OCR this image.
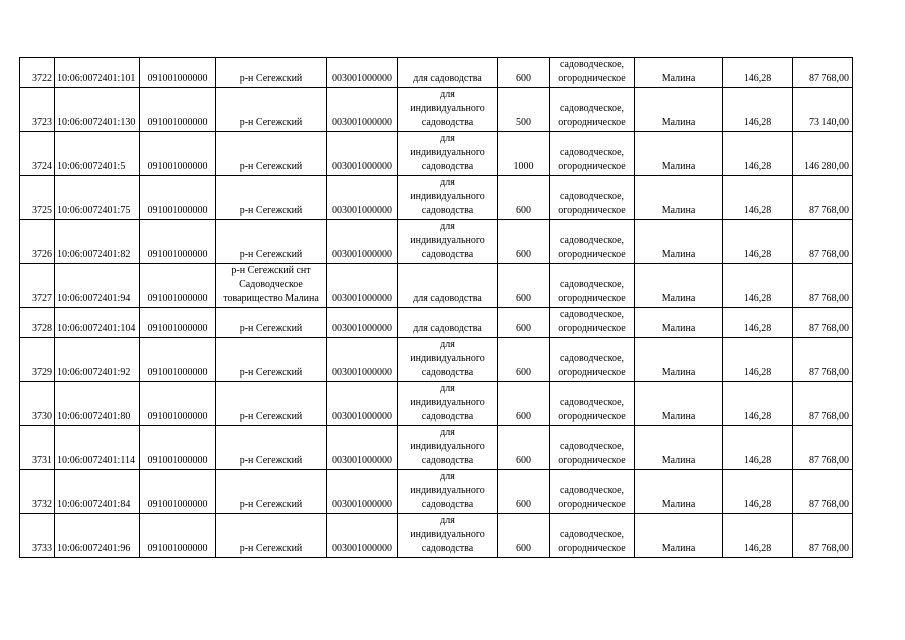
3722	10:06:0072401:101	091001000000	р-н Сегежский	003001000000	для садоводства	600	садоводческое,
огородническое	Малина	146,28	87 768,00
3723	10:06:0072401:130	091001000000	р-н Сегежский	003001000000	для
индивидуального
садоводства	500	садоводческое,
огородническое	Малина	146,28	73 140,00
3724	10:06:0072401:5	091001000000	р-н Сегежский	003001000000	для
индивидуального
садоводства	1000	садоводческое,
огородническое	Малина	146,28	146 280,00
3725	10:06:0072401:75	091001000000	р-н Сегежский	003001000000	для
индивидуального
садоводства	600	садоводческое,
огородническое	Малина	146,28	87 768,00
3726	10:06:0072401:82	091001000000	р-н Сегежский	003001000000	для
индивидуального
садоводства	600	садоводческое,
огородническое	Малина	146,28	87 768,00
3727	10:06:0072401:94	091001000000	р-н Сегежский снт
Садоводческое
товарищество Малина	003001000000	для садоводства	600	садоводческое,
огородническое	Малина	146,28	87 768,00
3728	10:06:0072401:104	091001000000	р-н Сегежский	003001000000	для садоводства	600	садоводческое,
огородническое	Малина	146,28	87 768,00
3729	10:06:0072401:92	091001000000	р-н Сегежский	003001000000	для
индивидуального
садоводства	600	садоводческое,
огородническое	Малина	146,28	87 768,00
3730	10:06:0072401:80	091001000000	р-н Сегежский	003001000000	для
индивидуального
садоводства	600	садоводческое,
огородническое	Малина	146,28	87 768,00
3731	10:06:0072401:114	091001000000	р-н Сегежский	003001000000	для
индивидуального
садоводства	600	садоводческое,
огородническое	Малина	146,28	87 768,00
3732	10:06:0072401:84	091001000000	р-н Сегежский	003001000000	для
индивидуального
садоводства	600	садоводческое,
огородническое	Малина	146,28	87 768,00
3733	10:06:0072401:96	091001000000	р-н Сегежский	003001000000	для
индивидуального
садоводства	600	садоводческое,
огородническое	Малина	146,28	87 768,00
